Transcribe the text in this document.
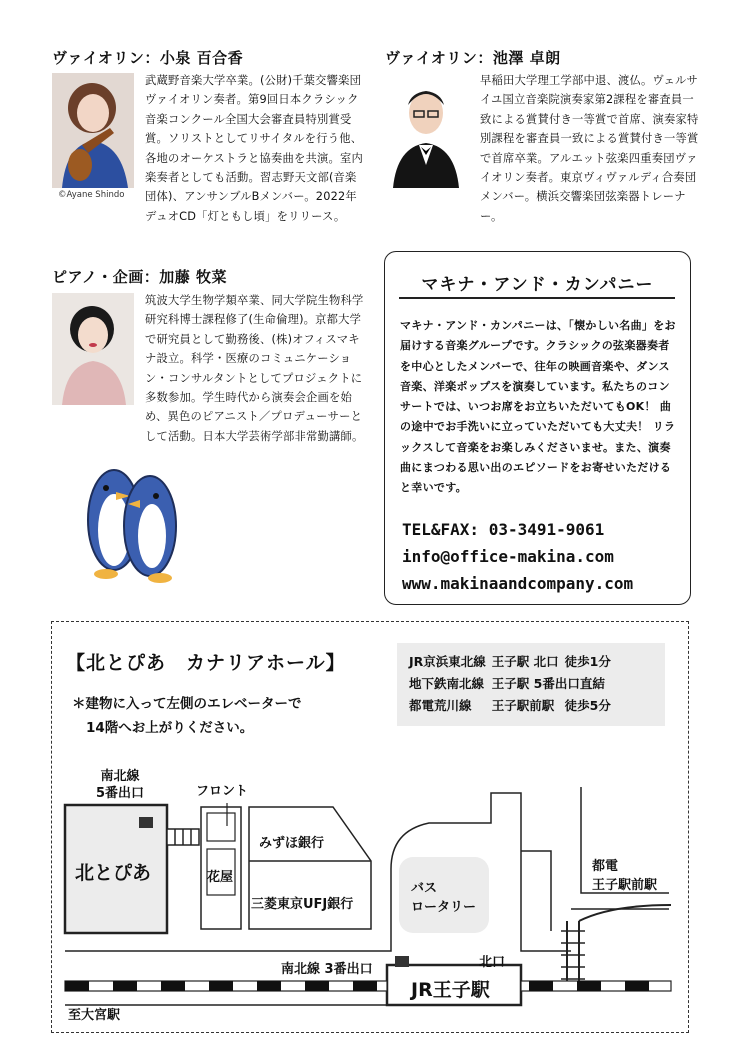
ヴァイオリン：小泉 百合香
©Ayane Shindo
武蔵野音楽大学卒業。(公財)千葉交響楽団ヴァイオリン奏者。第9回日本クラシック音楽コンクール全国大会審査員特別賞受賞。ソリストとしてリサイタルを行う他、各地のオーケストラと協奏曲を共演。室内楽奏者としても活動。習志野天文部(音楽団体)、アンサンブルBメンバー。2022年デュオCD「灯ともし頃」をリリース。
ヴァイオリン：池澤 卓朗
早稲田大学理工学部中退、渡仏。ヴェルサイユ国立音楽院演奏家第2課程を審査員一致による賞賛付き一等賞で首席、演奏家特別課程を審査員一致による賞賛付き一等賞で首席卒業。アルエット弦楽四重奏団ヴァイオリン奏者。東京ヴィヴァルディ合奏団　メンバー。横浜交響楽団弦楽器トレーナー。
ピアノ・企画：加藤 牧菜
筑波大学生物学類卒業、同大学院生物科学研究科博士課程修了(生命倫理)。京都大学で研究員として勤務後、(株)オフィスマキナ設立。科学・医療のコミュニケーション・コンサルタントとしてプロジェクトに多数参加。学生時代から演奏会企画を始め、異色のピアニスト／プロデューサーとして活動。日本大学芸術学部非常勤講師。
マキナ・アンド・カンパニー
マキナ・アンド・カンパニーは、「懐かしい名曲」をお届けする音楽グループです。クラシックの弦楽器奏者を中心としたメンバーで、往年の映画音楽や、ダンス音楽、洋楽ポップスを演奏しています。私たちのコンサートでは、いつお席をお立ちいただいてもOK！ 曲の途中でお手洗いに立っていただいても大丈夫！ リラックスして音楽をお楽しみくださいませ。また、演奏曲にまつわる思い出のエピソードをお寄せいただけると幸いです。
TEL&FAX: 03-3491-9061
info@office-makina.com
www.makinaandcompany.com
【北とぴあ　カナリアホール】
＊建物に入って左側のエレベーターで
14階へお上がりください。
JR京浜東北線	王子駅 北口	徒歩1分
地下鉄南北線	王子駅 5番出口直結	
都電荒川線	王子駅前駅	徒歩5分
南北線
5番出口	フロント
北とぴあ
みずほ銀行
花屋
三菱東京UFJ銀行
バス
ロータリー
都電
王子駅前駅
南北線 3番出口	北口
JR王子駅
至大宮駅
